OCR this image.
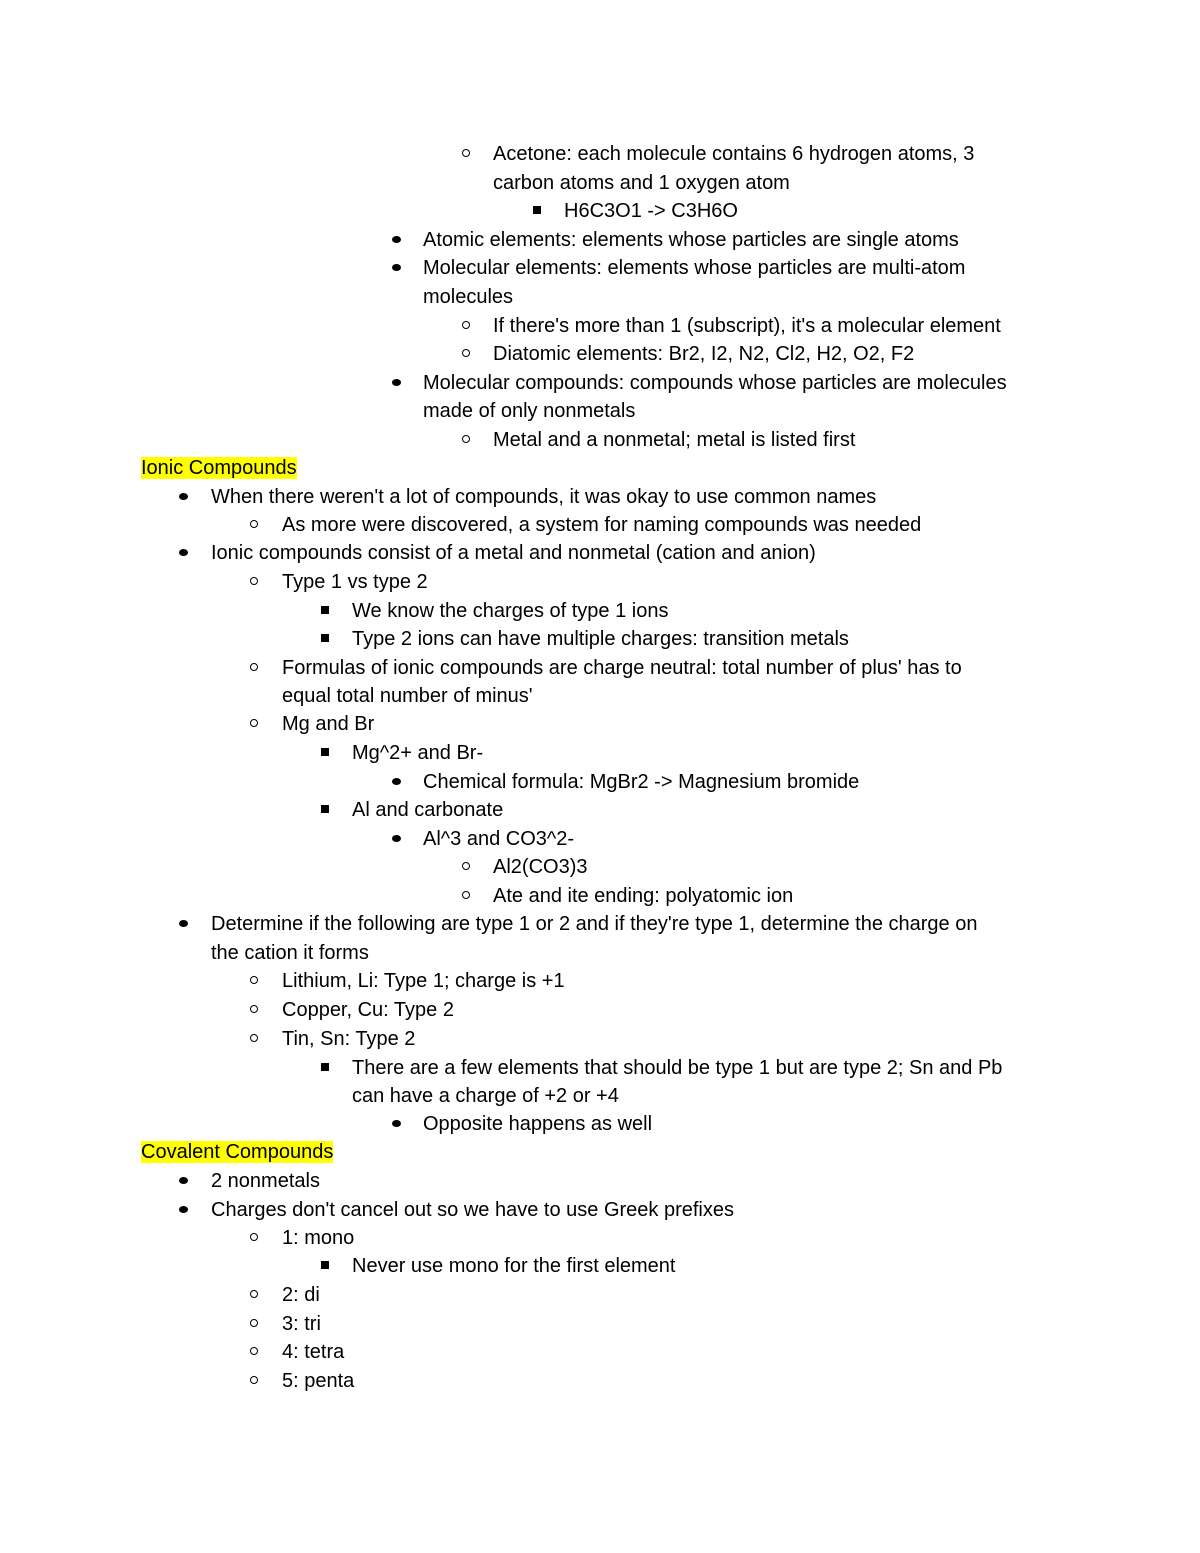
Acetone: each molecule contains 6 hydrogen atoms, 3
carbon atoms and 1 oxygen atom
H6C3O1 -> C3H6O
Atomic elements: elements whose particles are single atoms
Molecular elements: elements whose particles are multi-atom
molecules
If there's more than 1 (subscript), it's a molecular element
Diatomic elements: Br2, I2, N2, Cl2, H2, O2, F2
Molecular compounds: compounds whose particles are molecules
made of only nonmetals
Metal and a nonmetal; metal is listed first
Ionic Compounds
When there weren't a lot of compounds, it was okay to use common names
As more were discovered, a system for naming compounds was needed
Ionic compounds consist of a metal and nonmetal (cation and anion)
Type 1 vs type 2
We know the charges of type 1 ions
Type 2 ions can have multiple charges: transition metals
Formulas of ionic compounds are charge neutral: total number of plus' has to
equal total number of minus'
Mg and Br
Mg^2+ and Br-
Chemical formula: MgBr2 -> Magnesium bromide
Al and carbonate
Al^3 and CO3^2-
Al2(CO3)3
Ate and ite ending: polyatomic ion
Determine if the following are type 1 or 2 and if they're type 1, determine the charge on
the cation it forms
Lithium, Li: Type 1; charge is +1
Copper, Cu: Type 2
Tin, Sn: Type 2
There are a few elements that should be type 1 but are type 2; Sn and Pb
can have a charge of +2 or +4
Opposite happens as well
Covalent Compounds
2 nonmetals
Charges don't cancel out so we have to use Greek prefixes
1: mono
Never use mono for the first element
2: di
3: tri
4: tetra
5: penta
